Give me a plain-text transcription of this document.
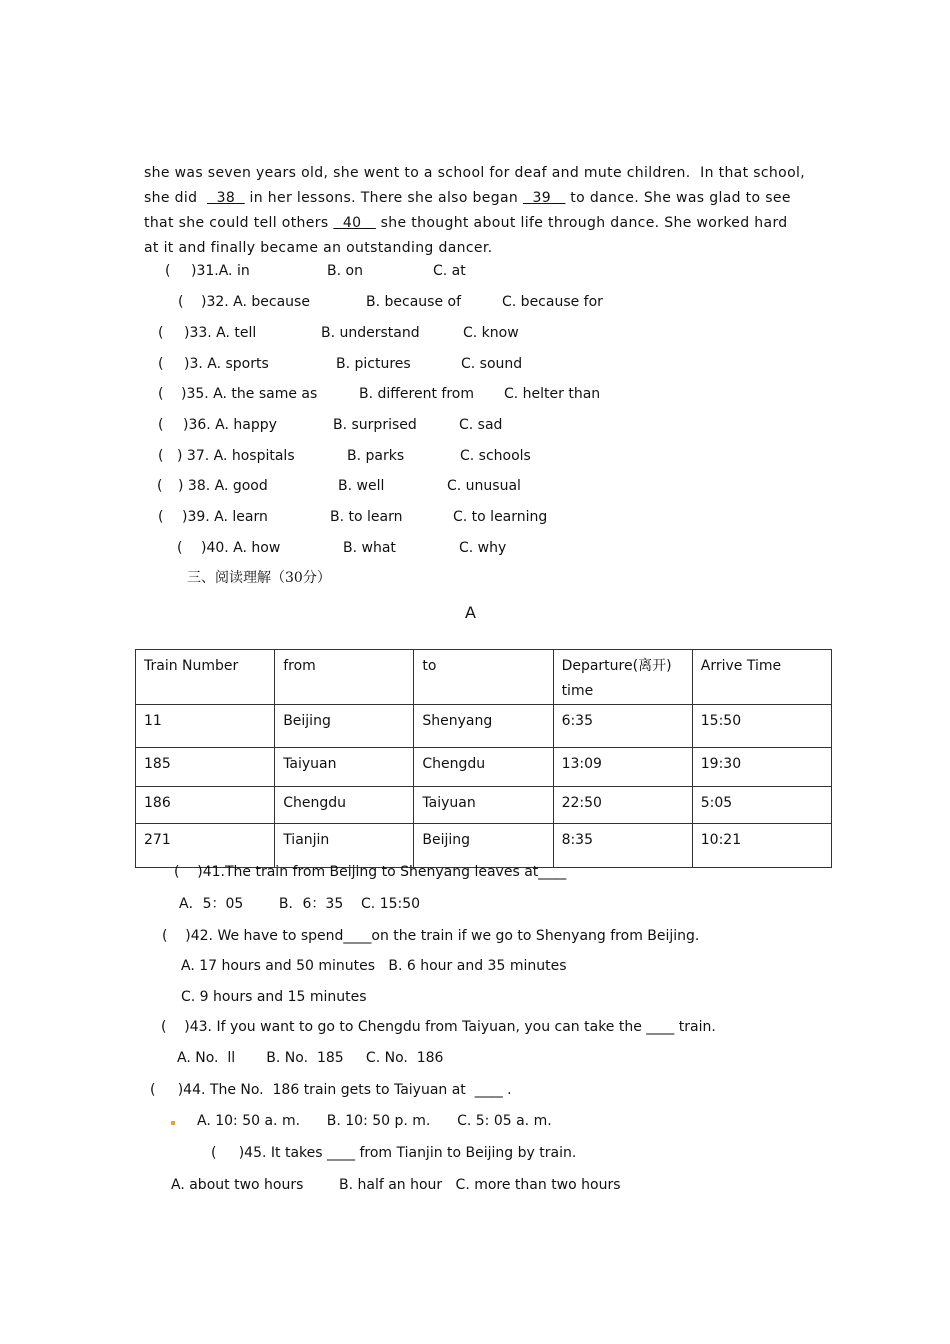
she was seven years old, she went to a school for deaf and mute children.  In that school,
she did    38   in her lessons. There she also began   39    to dance. She was glad to see
that she could tell others   40    she thought about life through dance. She worked hard
at it and finally became an outstanding dancer.
( )31.A. in	B. on	C. at
( )32. A. because	B. because of	C. because for
( )33. A. tell	B. understand	C. know
( )3. A. sports	B. pictures	C. sound
( )35. A. the same as	B. different from C. helter than
( )36. A. happy	B. surprised	C. sad
( ) 37. A. hospitals	B. parks	C. schools
( ) 38. A. good	B. well	C. unusual
( )39. A. learn	B. to learn	C. to learning
( )40. A. how	B. what	C. why
三、阅读理解（30分）
A
Train Number	from	to	Departure(离开) time	Arrive Time
11	Beijing	Shenyang	6:35	15:50
185	Taiyuan	Chengdu	13:09	19:30
186	Chengdu	Taiyuan	22:50	5:05
271	Tianjin	Beijing	8:35	10:21
(    )41.The train from Beijing to Shenyang leaves at____
A．5：05        B．6：35    C. 15:50
(    )42. We have to spend____on the train if we go to Shenyang from Beijing.
A. 17 hours and 50 minutes   B. 6 hour and 35 minutes
C. 9 hours and 15 minutes
(    )43. If you want to go to Chengdu from Taiyuan, you can take the ____ train.
A. No.  ll       B. No.  185     C. No.  186
(     )44. The No.  186 train gets to Taiyuan at  ____ .
A. 10: 50 a. m.      B. 10: 50 p. m.      C. 5: 05 a. m.
(     )45. It takes ____ from Tianjin to Beijing by train.
A. about two hours        B. half an hour   C. more than two hours
